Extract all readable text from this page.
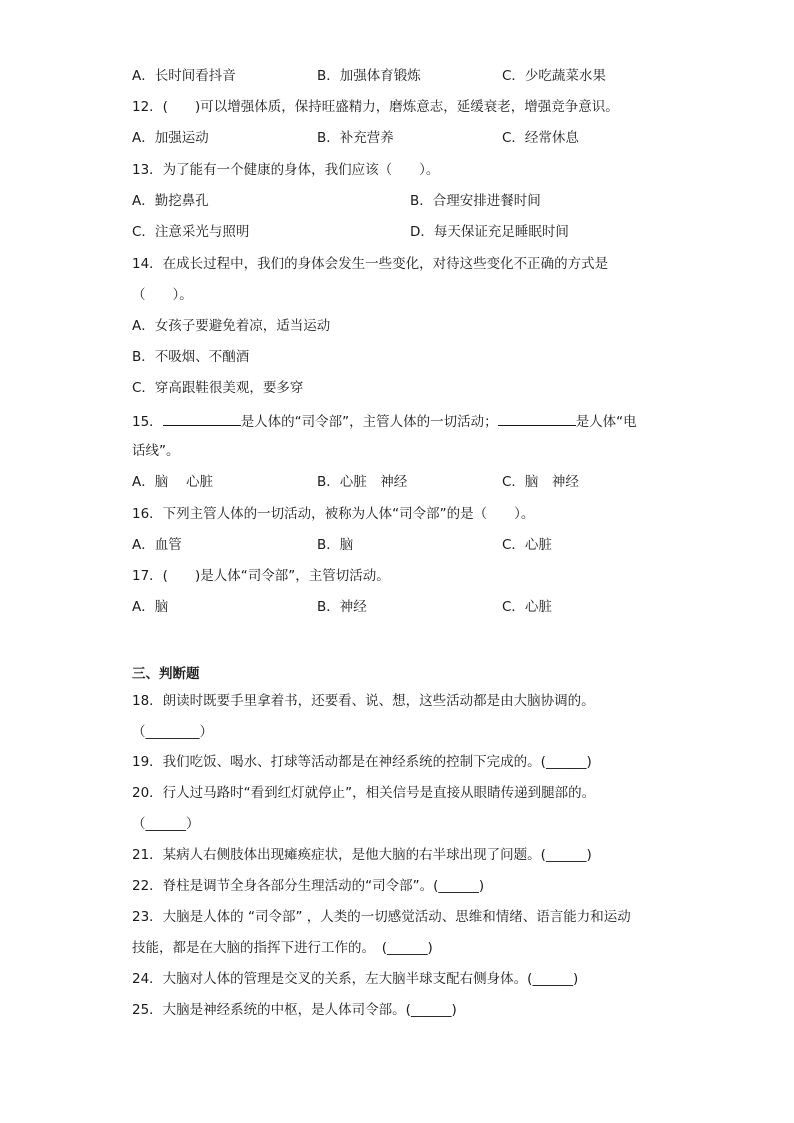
A．长时间看抖音	B．加强体育锻炼	C．少吃蔬菜水果
12．(　　)可以增强体质，保持旺盛精力，磨炼意志，延缓衰老，增强竞争意识。
A．加强运动	B．补充营养	C．经常休息
13．为了能有一个健康的身体，我们应该（　　）。
A．勤挖鼻孔	B．合理安排进餐时间
C．注意采光与照明	D．每天保证充足睡眠时间
14．在成长过程中，我们的身体会发生一些变化，对待这些变化不正确的方式是
（　　）。
A．女孩子要避免着凉，适当运动
B．不吸烟、不酗酒
C．穿高跟鞋很美观，要多穿
15．	是人体的“司令部”，主管人体的一切活动；	是人体“电
话线”。
A．脑　 心脏	B．心脏　神经	C．脑　神经
16．下列主管人体的一切活动，被称为人体“司令部”的是（　　）。
A．血管	B．脑	C．心脏
17．(　　)是人体“司令部”，主管切活动。
A．脑	B．神经	C．心脏
三、判断题
18．朗读时既要手里拿着书，还要看、说、想，这些活动都是由大脑协调的。
（________）
19．我们吃饭、喝水、打球等活动都是在神经系统的控制下完成的。(______)
20．行人过马路时“看到红灯就停止”，相关信号是直接从眼睛传递到腿部的。
（______）
21．某病人右侧肢体出现瘫痪症状，是他大脑的右半球出现了问题。(______)
22．脊柱是调节全身各部分生理活动的“司令部”。(______)
23．大脑是人体的 “司令部” ，人类的一切感觉活动、思维和情绪、语言能力和运动
技能，都是在大脑的指挥下进行工作的。　(______)
24．大脑对人体的管理是交叉的关系，左大脑半球支配右侧身体。(______)
25．大脑是神经系统的中枢，是人体司令部。(______)
